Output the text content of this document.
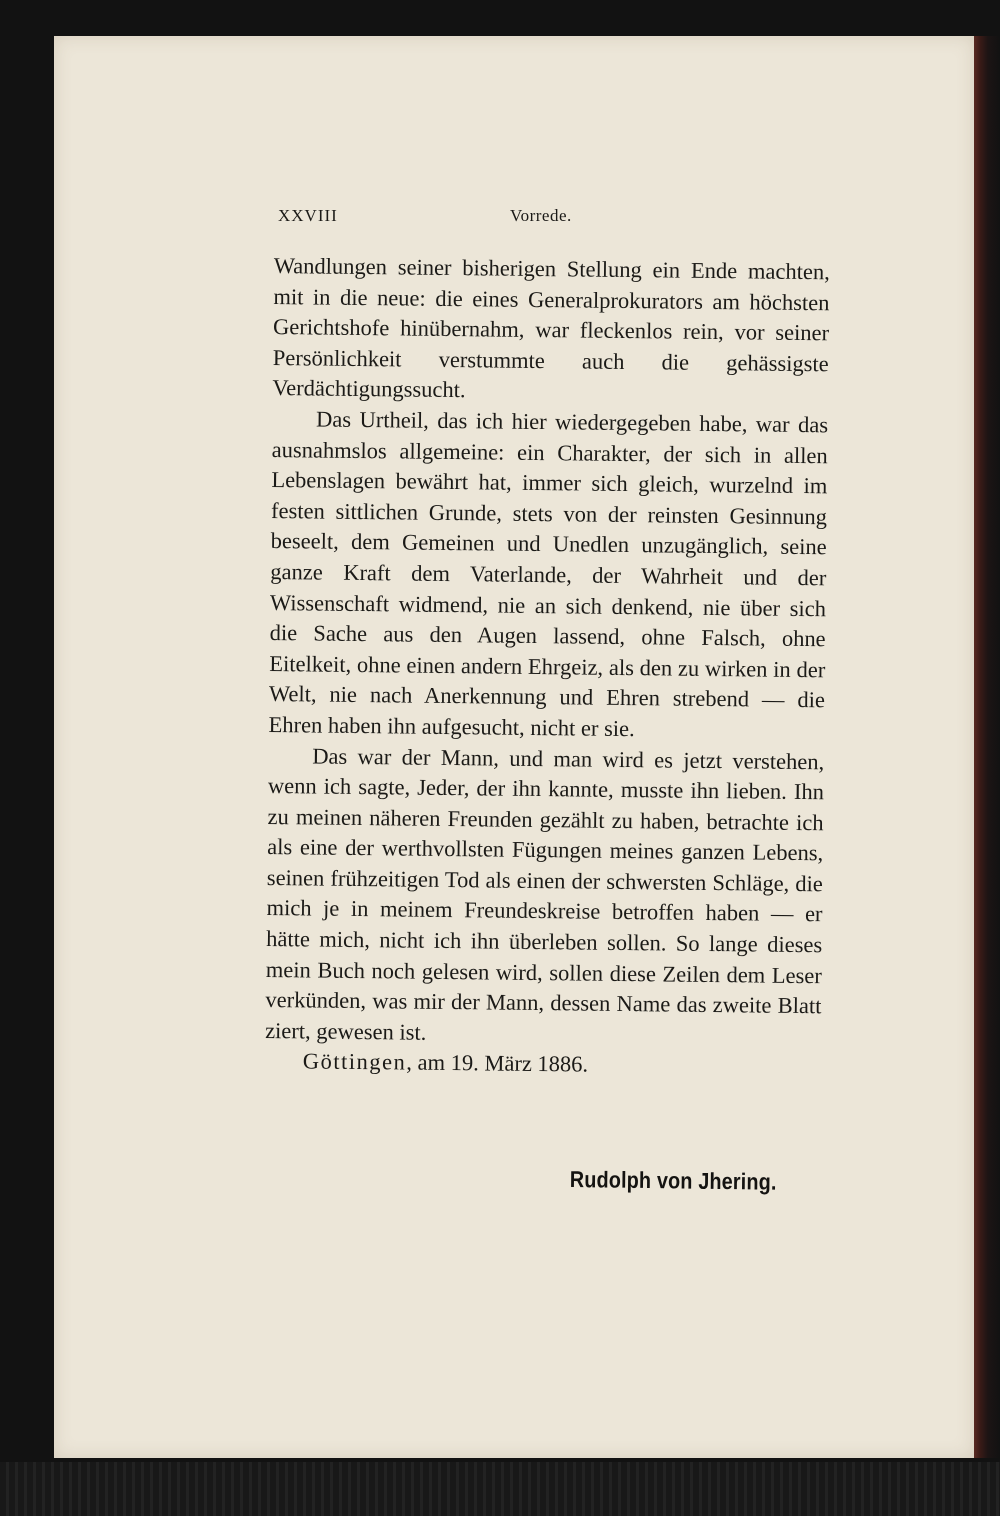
XXVIII	Vorrede.

Wandlungen seiner bisherigen Stellung ein Ende machten, mit in die neue: die eines Generalprokurators am höchsten Gerichtshofe hinübernahm, war fleckenlos rein, vor seiner Persönlichkeit verstummte auch die gehässigste Verdächtigungssucht.

Das Urtheil, das ich hier wiedergegeben habe, war das ausnahmslos allgemeine: ein Charakter, der sich in allen Lebenslagen bewährt hat, immer sich gleich, wurzelnd im festen sittlichen Grunde, stets von der reinsten Gesinnung beseelt, dem Gemeinen und Unedlen unzugänglich, seine ganze Kraft dem Vaterlande, der Wahrheit und der Wissenschaft widmend, nie an sich denkend, nie über sich die Sache aus den Augen lassend, ohne Falsch, ohne Eitelkeit, ohne einen andern Ehrgeiz, als den zu wirken in der Welt, nie nach Anerkennung und Ehren strebend — die Ehren haben ihn aufgesucht, nicht er sie.

Das war der Mann, und man wird es jetzt verstehen, wenn ich sagte, Jeder, der ihn kannte, musste ihn lieben. Ihn zu meinen näheren Freunden gezählt zu haben, betrachte ich als eine der werthvollsten Fügungen meines ganzen Lebens, seinen frühzeitigen Tod als einen der schwersten Schläge, die mich je in meinem Freundeskreise betroffen haben — er hätte mich, nicht ich ihn überleben sollen. So lange dieses mein Buch noch gelesen wird, sollen diese Zeilen dem Leser verkünden, was mir der Mann, dessen Name das zweite Blatt ziert, gewesen ist.

Göttingen, am 19. März 1886.

Rudolph von Jhering.
